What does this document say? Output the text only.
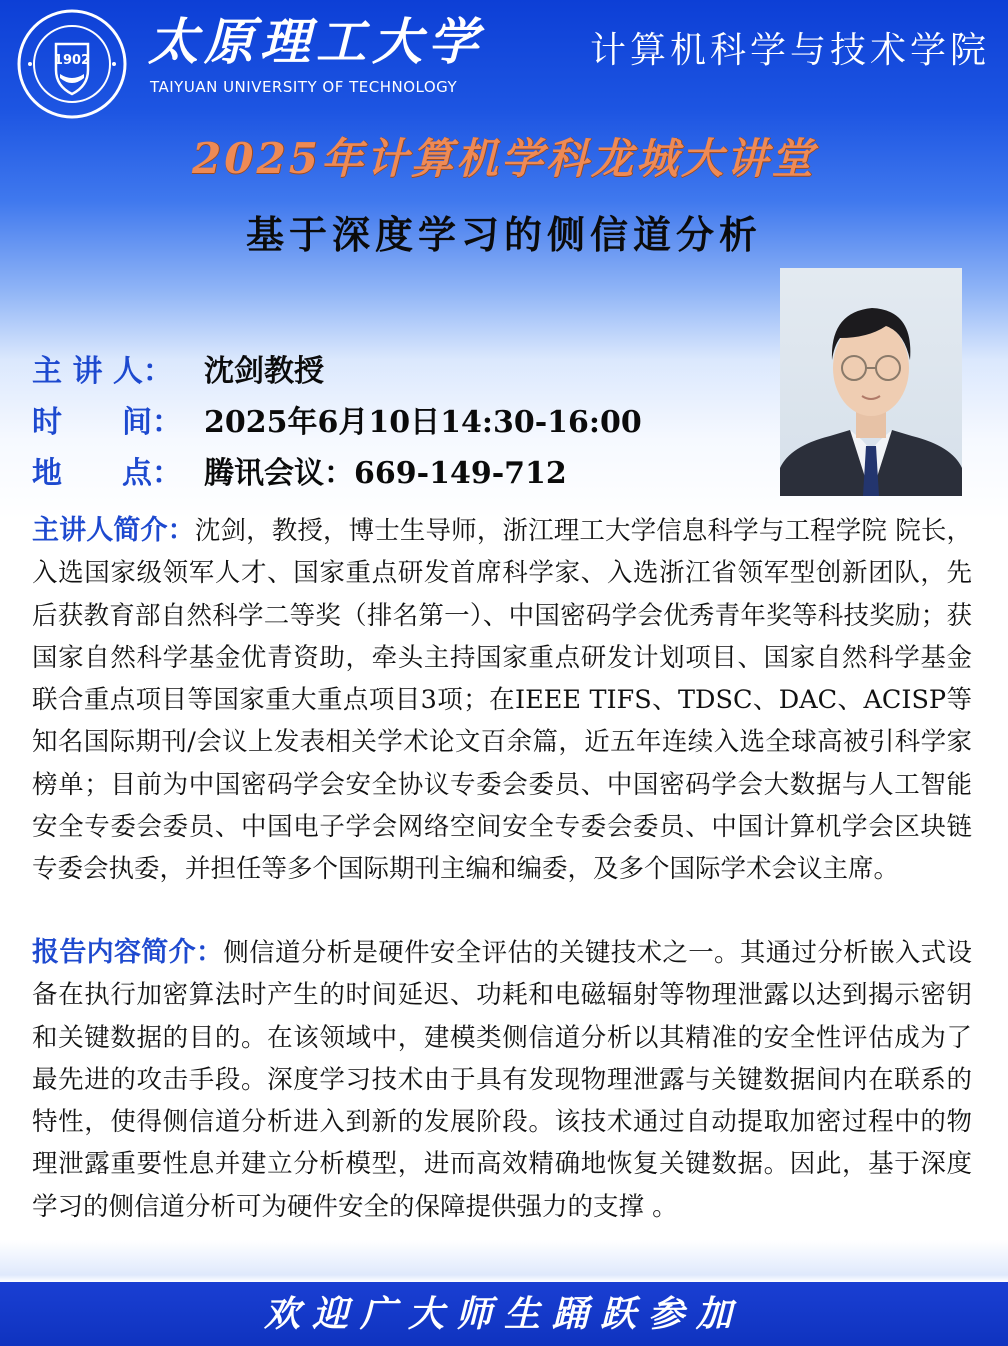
1902 太原理工大学
TAIYUAN UNIVERSITY OF TECHNOLOGY
计算机科学与技术学院
2025年计算机学科龙城大讲堂
基于深度学习的侧信道分析
主 讲 人： 沈剑教授
时　　间： 2025年6月10日14:30-16:00
地　　点： 腾讯会议：669-149-712
主讲人简介：沈剑，教授，博士生导师，浙江理工大学信息科学与工程学院 院长，入选国家级领军人才、国家重点研发首席科学家、入选浙江省领军型创新团队，先后获教育部自然科学二等奖（排名第一）、中国密码学会优秀青年奖等科技奖励；获国家自然科学基金优青资助，牵头主持国家重点研发计划项目、国家自然科学基金联合重点项目等国家重大重点项目3项；在IEEE TIFS、TDSC、DAC、ACISP等知名国际期刊/会议上发表相关学术论文百余篇，近五年连续入选全球高被引科学家榜单；目前为中国密码学会安全协议专委会委员、中国密码学会大数据与人工智能安全专委会委员、中国电子学会网络空间安全专委会委员、中国计算机学会区块链专委会执委，并担任等多个国际期刊主编和编委，及多个国际学术会议主席。
报告内容简介：侧信道分析是硬件安全评估的关键技术之一。其通过分析嵌入式设备在执行加密算法时产生的时间延迟、功耗和电磁辐射等物理泄露以达到揭示密钥和关键数据的目的。在该领域中，建模类侧信道分析以其精准的安全性评估成为了最先进的攻击手段。深度学习技术由于具有发现物理泄露与关键数据间内在联系的特性，使得侧信道分析进入到新的发展阶段。该技术通过自动提取加密过程中的物理泄露重要性息并建立分析模型，进而高效精确地恢复关键数据。因此，基于深度学习的侧信道分析可为硬件安全的保障提供强力的支撑 。
欢迎广大师生踊跃参加
